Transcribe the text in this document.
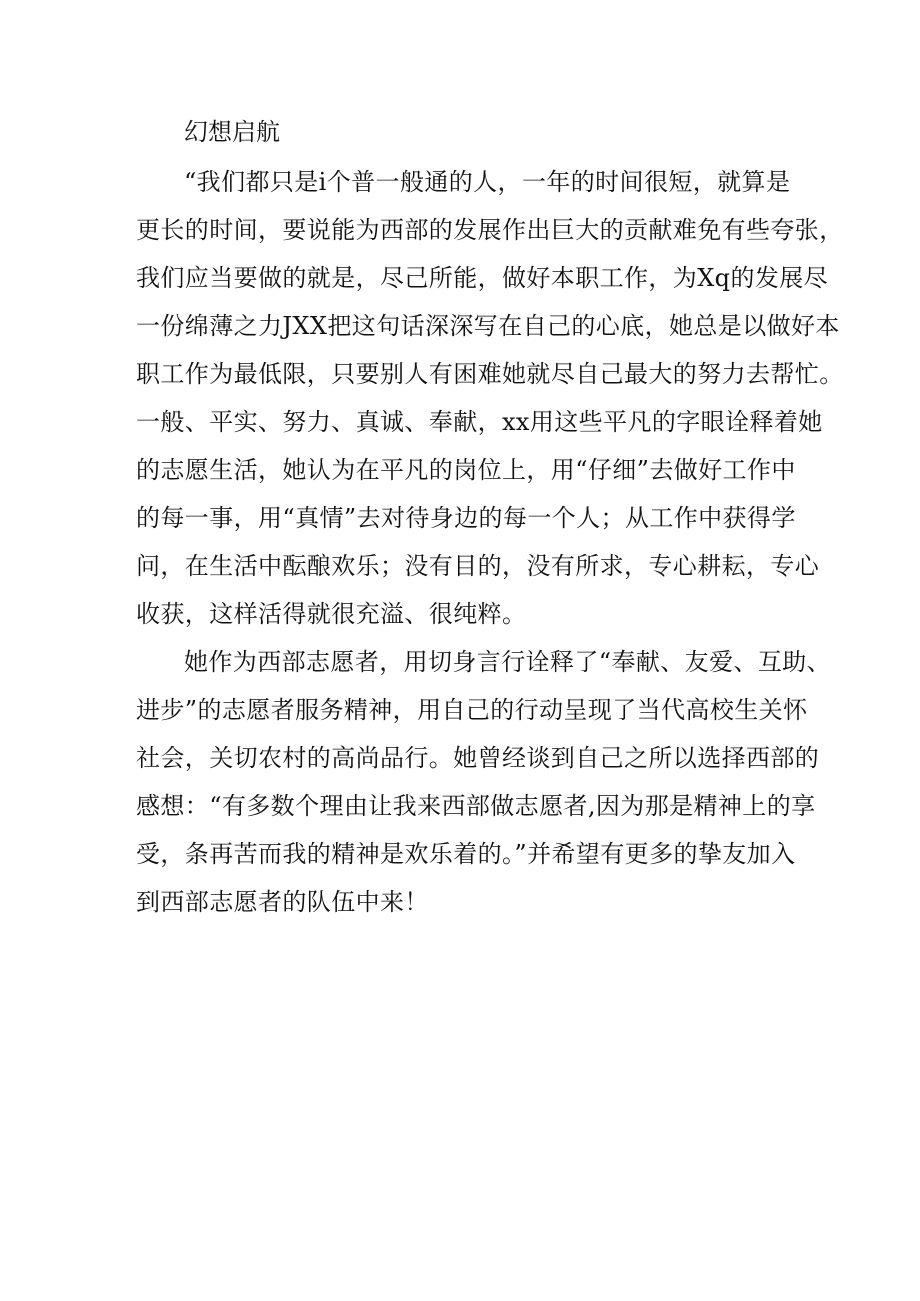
幻想启航
“我们都只是i个普一般通的人，一年的时间很短，就算是
更长的时间，要说能为西部的发展作出巨大的贡献难免有些夸张，
我们应当要做的就是，尽己所能，做好本职工作，为Xq的发展尽
一份绵薄之力JXX把这句话深深写在自己的心底，她总是以做好本
职工作为最低限，只要别人有困难她就尽自己最大的努力去帮忙。
一般、平实、努力、真诚、奉献，xx用这些平凡的字眼诠释着她
的志愿生活，她认为在平凡的岗位上，用“仔细”去做好工作中
的每一事，用“真情”去对待身边的每一个人；从工作中获得学
问，在生活中酝酿欢乐；没有目的，没有所求，专心耕耘，专心
收获，这样活得就很充溢、很纯粹。
她作为西部志愿者，用切身言行诠释了“奉献、友爱、互助、
进步”的志愿者服务精神，用自己的行动呈现了当代高校生关怀
社会，关切农村的高尚品行。她曾经谈到自己之所以选择西部的
感想：“有多数个理由让我来西部做志愿者,因为那是精神上的享
受，条再苦而我的精神是欢乐着的。”并希望有更多的挚友加入
到西部志愿者的队伍中来！
